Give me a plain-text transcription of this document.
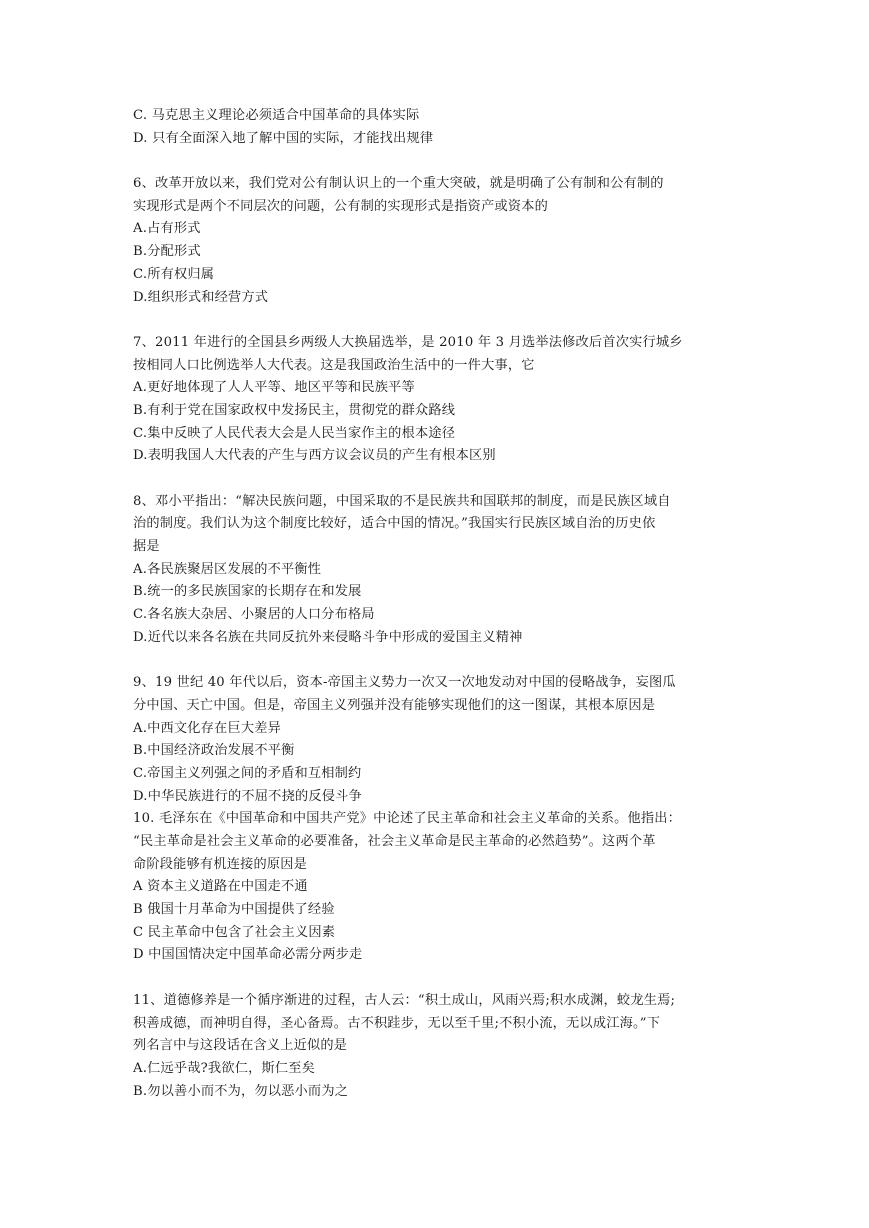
C. 马克思主义理论必须适合中国革命的具体实际
D. 只有全面深入地了解中国的实际，才能找出规律
6、改革开放以来，我们党对公有制认识上的一个重大突破，就是明确了公有制和公有制的
实现形式是两个不同层次的问题，公有制的实现形式是指资产或资本的
A.占有形式
B.分配形式
C.所有权归属
D.组织形式和经营方式
7、2011 年进行的全国县乡两级人大换届选举，是 2010 年 3 月选举法修改后首次实行城乡
按相同人口比例选举人大代表。这是我国政治生活中的一件大事，它
A.更好地体现了人人平等、地区平等和民族平等
B.有利于党在国家政权中发扬民主，贯彻党的群众路线
C.集中反映了人民代表大会是人民当家作主的根本途径
D.表明我国人大代表的产生与西方议会议员的产生有根本区别
8、邓小平指出：“解决民族问题，中国采取的不是民族共和国联邦的制度，而是民族区域自
治的制度。我们认为这个制度比较好，适合中国的情况。”我国实行民族区域自治的历史依
据是
A.各民族聚居区发展的不平衡性
B.统一的多民族国家的长期存在和发展
C.各名族大杂居、小聚居的人口分布格局
D.近代以来各名族在共同反抗外来侵略斗争中形成的爱国主义精神
9、19 世纪 40 年代以后，资本-帝国主义势力一次又一次地发动对中国的侵略战争，妄图瓜
分中国、天亡中国。但是，帝国主义列强并没有能够实现他们的这一图谋，其根本原因是
A.中西文化存在巨大差异
B.中国经济政治发展不平衡
C.帝国主义列强之间的矛盾和互相制约
D.中华民族进行的不屈不挠的反侵斗争
10. 毛泽东在《中国革命和中国共产党》中论述了民主革命和社会主义革命的关系。他指出：
“民主革命是社会主义革命的必要准备，社会主义革命是民主革命的必然趋势”。这两个革
命阶段能够有机连接的原因是
A 资本主义道路在中国走不通
B 俄国十月革命为中国提供了经验
C 民主革命中包含了社会主义因素
D 中国国情决定中国革命必需分两步走
11、道德修养是一个循序渐进的过程，古人云：“积土成山，风雨兴焉;积水成渊，蛟龙生焉;
积善成德，而神明自得，圣心备焉。古不积跬步，无以至千里;不积小流，无以成江海。”下
列名言中与这段话在含义上近似的是
A.仁远乎哉?我欲仁，斯仁至矣
B.勿以善小而不为，勿以恶小而为之
